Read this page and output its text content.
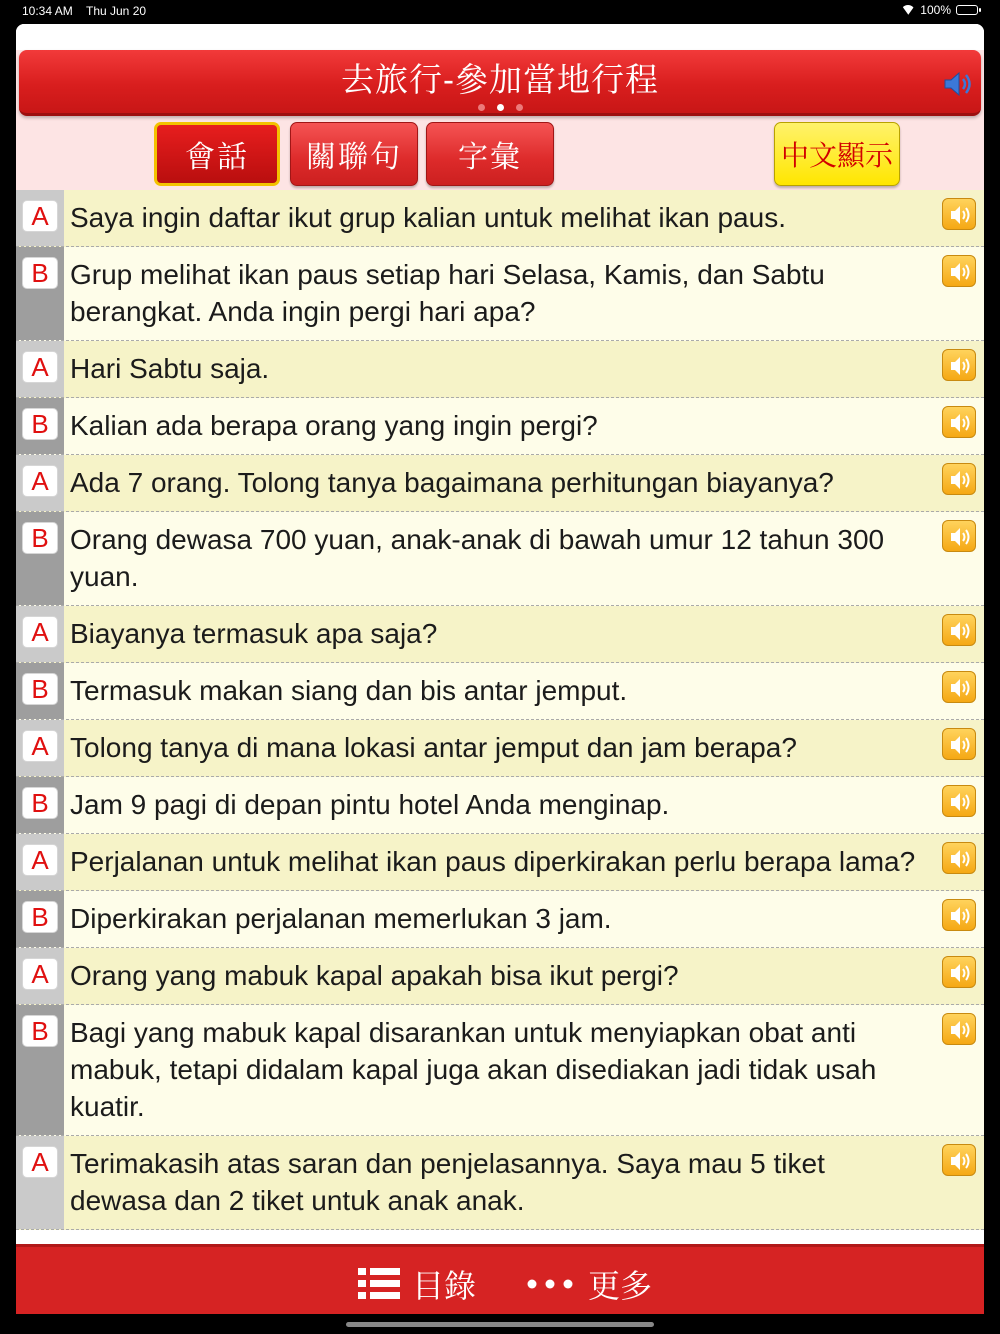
10:34 AM Thu Jun 20	100%
去旅行-參加當地行程
會話 關聯句 字彙	中文顯示
A Saya ingin daftar ikut grup kalian untuk melihat ikan paus.
B Grup melihat ikan paus setiap hari Selasa, Kamis, dan Sabtu berangkat. Anda ingin pergi hari apa?
A Hari Sabtu saja.
B Kalian ada berapa orang yang ingin pergi?
A Ada 7 orang. Tolong tanya bagaimana perhitungan biayanya?
B Orang dewasa 700 yuan, anak-anak di bawah umur 12 tahun 300 yuan.
A Biayanya termasuk apa saja?
B Termasuk makan siang dan bis antar jemput.
A Tolong tanya di mana lokasi antar jemput dan jam berapa?
B Jam 9 pagi di depan pintu hotel Anda menginap.
A Perjalanan untuk melihat ikan paus diperkirakan perlu berapa lama?
B Diperkirakan perjalanan memerlukan 3 jam.
A Orang yang mabuk kapal apakah bisa ikut pergi?
B Bagi yang mabuk kapal disarankan untuk menyiapkan obat anti mabuk, tetapi didalam kapal juga akan disediakan jadi tidak usah kuatir.
A Terimakasih atas saran dan penjelasannya. Saya mau 5 tiket dewasa dan 2 tiket untuk anak anak.
目錄	更多
